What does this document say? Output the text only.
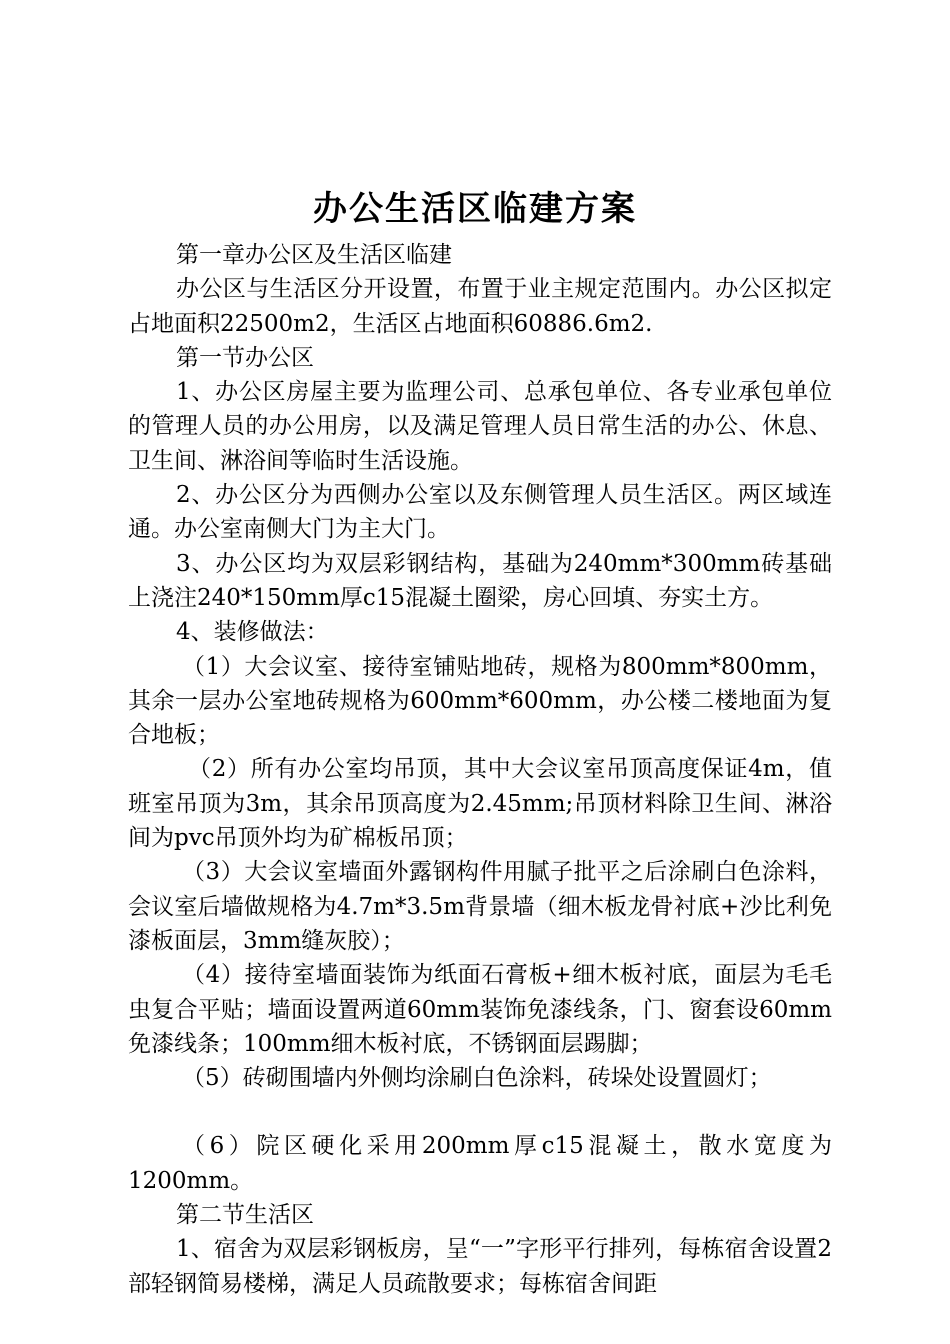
办公生活区临建方案

第一章办公区及生活区临建

办公区与生活区分开设置，布置于业主规定范围内。办公区拟定占地面积22500m2，生活区占地面积60886.6m2.

第一节办公区

1、办公区房屋主要为监理公司、总承包单位、各专业承包单位的管理人员的办公用房，以及满足管理人员日常生活的办公、休息、卫生间、淋浴间等临时生活设施。

2、办公区分为西侧办公室以及东侧管理人员生活区。两区域连通。办公室南侧大门为主大门。

3、办公区均为双层彩钢结构，基础为240mm*300mm砖基础上浇注240*150mm厚c15混凝土圈梁，房心回填、夯实土方。

4、装修做法：

（1）大会议室、接待室铺贴地砖，规格为800mm*800mm，其余一层办公室地砖规格为600mm*600mm，办公楼二楼地面为复合地板；

（2）所有办公室均吊顶，其中大会议室吊顶高度保证4m，值班室吊顶为3m，其余吊顶高度为2.45mm;吊顶材料除卫生间、淋浴间为pvc吊顶外均为矿棉板吊顶；

（3）大会议室墙面外露钢构件用腻子批平之后涂刷白色涂料，会议室后墙做规格为4.7m*3.5m背景墙（细木板龙骨衬底+沙比利免漆板面层，3mm缝灰胶）；

（4）接待室墙面装饰为纸面石膏板+细木板衬底，面层为毛毛虫复合平贴；墙面设置两道60mm装饰免漆线条，门、窗套设60mm免漆线条；100mm细木板衬底，不锈钢面层踢脚；

（5）砖砌围墙内外侧均涂刷白色涂料，砖垛处设置圆灯；

（6）院区硬化采用200mm厚c15混凝土，散水宽度为1200mm。

第二节生活区

1、宿舍为双层彩钢板房，呈“一”字形平行排列，每栋宿舍设置2部轻钢简易楼梯，满足人员疏散要求；每栋宿舍间距
